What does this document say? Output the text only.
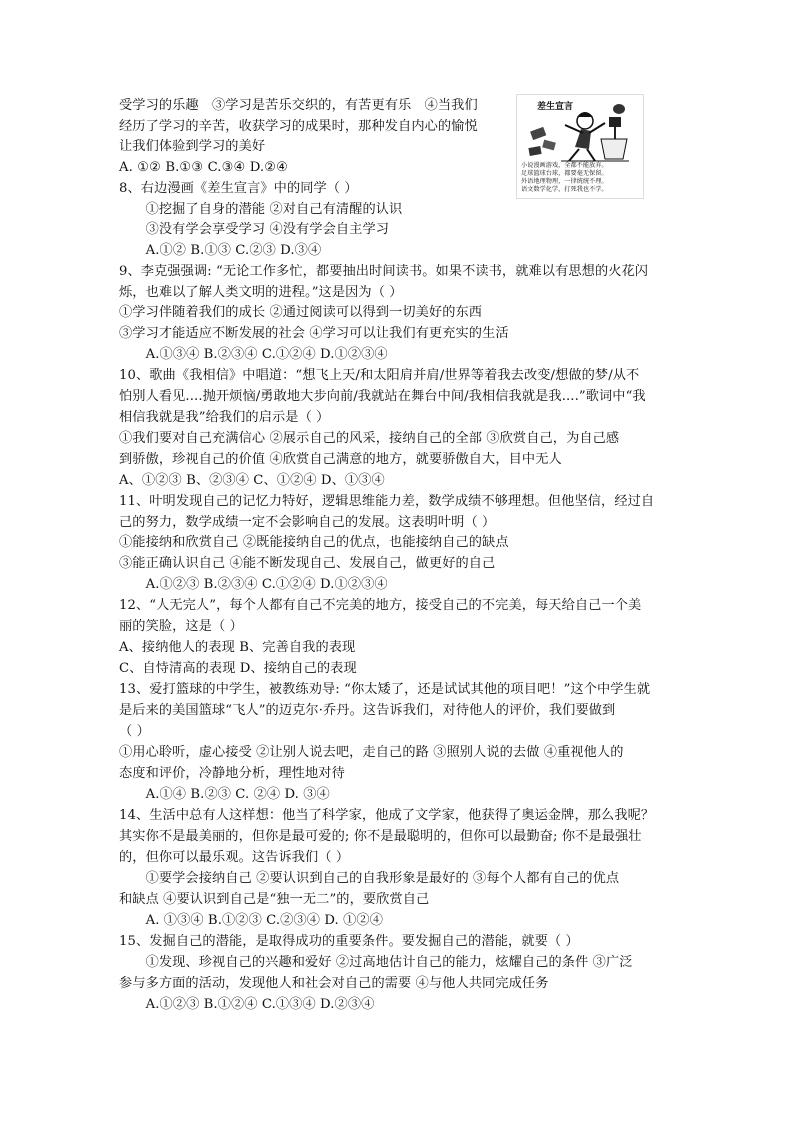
受学习的乐趣　③学习是苦乐交织的，有苦更有乐　④当我们
经历了学习的辛苦，收获学习的成果时，那种发自内心的愉悦
让我们体验到学习的美好
A. ①② B.①③ C.③④ D.②④
8、右边漫画《差生宣言》中的同学（ ）
　　①挖掘了自身的潜能 ②对自己有清醒的认识
　　③没有学会享受学习 ④没有学会自主学习
　　A.①② B.①③ C.②③ D.③④
9、李克强强调: “无论工作多忙，都要抽出时间读书。如果不读书，就难以有思想的火花闪
烁，也难以了解人类文明的进程。”这是因为（ ）
①学习伴随着我们的成长 ②通过阅读可以得到一切美好的东西
③学习才能适应不断发展的社会 ④学习可以让我们有更充实的生活
　　A.①③④ B.②③④ C.①②④ D.①②③④
10、歌曲《我相信》中唱道：“想飞上天/和太阳肩并肩/世界等着我去改变/想做的梦/从不
怕别人看见....抛开烦恼/勇敢地大步向前/我就站在舞台中间/我相信我就是我....”歌词中“我
相信我就是我”给我们的启示是（ ）
①我们要对自己充满信心 ②展示自己的风采，接纳自己的全部 ③欣赏自己，为自己感
到骄傲，珍视自己的价值 ④欣赏自己满意的地方，就要骄傲自大，目中无人
A、①②③ B、②③④ C、①②④ D、①③④
11、叶明发现自己的记忆力特好，逻辑思维能力差，数学成绩不够理想。但他坚信，经过自
己的努力，数学成绩一定不会影响自己的发展。这表明叶明（ ）
①能接纳和欣赏自己 ②既能接纳自己的优点，也能接纳自己的缺点
③能正确认识自己 ④能不断发现自己、发展自己，做更好的自己
　　A.①②③ B.②③④ C.①②④ D.①②③④
12、“人无完人”，每个人都有自己不完美的地方，接受自己的不完美，每天给自己一个美
丽的笑脸，这是（ ）
A、接纳他人的表现 B、完善自我的表现
C、自恃清高的表现 D、接纳自己的表现
13、爱打篮球的中学生，被教练劝导: “你太矮了，还是试试其他的项目吧！”这个中学生就
是后来的美国篮球“飞人”的迈克尔·乔丹。这告诉我们，对待他人的评价，我们要做到
（ ）
①用心聆听，虚心接受 ②让别人说去吧，走自己的路 ③照别人说的去做 ④重视他人的
态度和评价，冷静地分析，理性地对待
　　A.①④ B.②③ C. ②④ D. ③④
14、生活中总有人这样想：他当了科学家，他成了文学家，他获得了奥运金牌，那么我呢？
其实你不是最美丽的，但你是最可爱的; 你不是最聪明的，但你可以最勤奋; 你不是最强壮
的，但你可以最乐观。这告诉我们（ ）
　　①要学会接纳自己 ②要认识到自己的自我形象是最好的 ③每个人都有自己的优点
和缺点 ④要认识到自己是“独一无二”的，要欣赏自己
　　A. ①③④ B.①②③ C.②③④ D. ①②④
15、发掘自己的潜能，是取得成功的重要条件。要发掘自己的潜能，就要（ ）
　　①发现、珍视自己的兴趣和爱好 ②过高地估计自己的能力，炫耀自己的条件 ③广泛
参与多方面的活动，发现他人和社会对自己的需要 ④与他人共同完成任务
　　A.①②③ B.①②④ C.①③④ D.②③④
差生宣言
小说漫画游戏，全都不能放弃。
足球篮球台球，都要毫无保留。
外语地理物理，一律统统不理。
语文数学化学，打死我也不学。
